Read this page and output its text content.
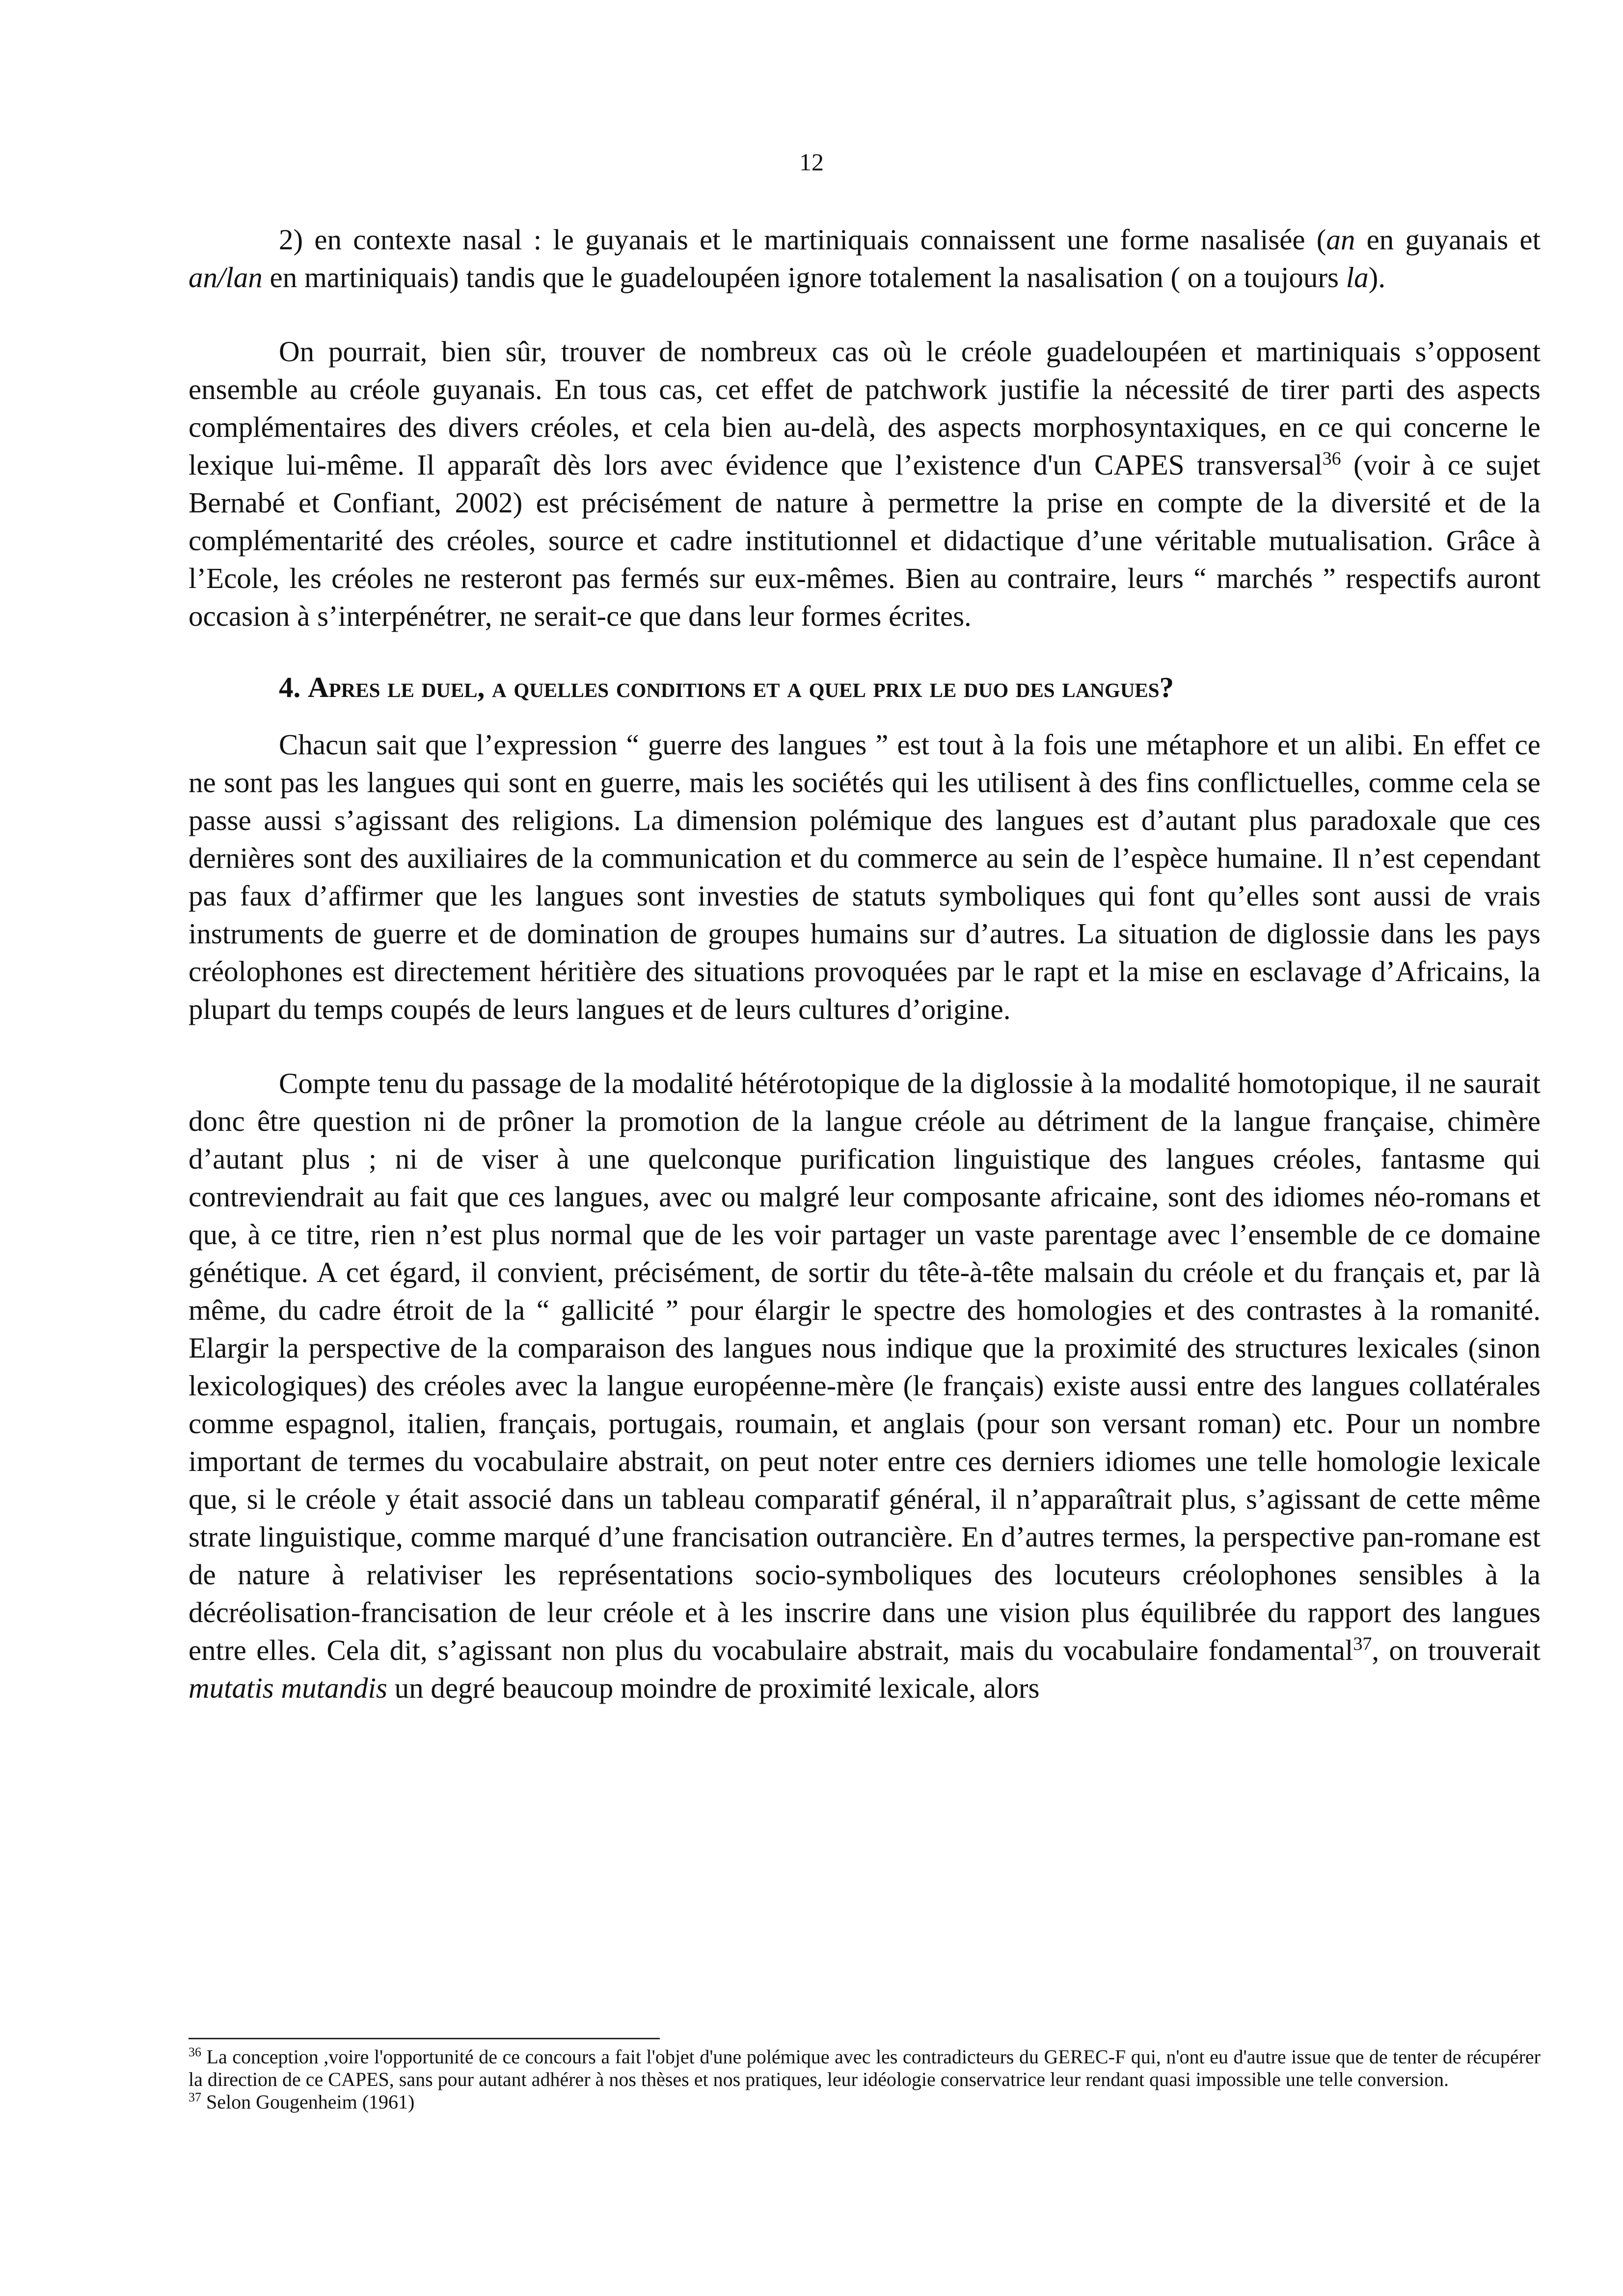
12

2) en contexte nasal : le guyanais et le martiniquais connaissent une forme nasalisée (an en guyanais et an/lan en martiniquais) tandis que le guadeloupéen ignore totalement la nasalisation ( on a toujours la).

On pourrait, bien sûr, trouver de nombreux cas où le créole guadeloupéen et martiniquais s’opposent ensemble au créole guyanais. En tous cas, cet effet de patchwork justifie la nécessité de tirer parti des aspects complémentaires des divers créoles, et cela bien au-delà, des aspects morphosyntaxiques, en ce qui concerne le lexique lui-même. Il apparaît dès lors avec évidence que l’existence d'un CAPES transversal$^{36}$ (voir à ce sujet Bernabé et Confiant, 2002) est précisément de nature à permettre la prise en compte de la diversité et de la complémentarité des créoles, source et cadre institutionnel et didactique d’une véritable mutualisation. Grâce à l’Ecole, les créoles ne resteront pas fermés sur eux-mêmes. Bien au contraire, leurs “ marchés ” respectifs auront occasion à s’interpénétrer, ne serait-ce que dans leur formes écrites.

4. Apres le duel, a quelles conditions et a quel prix le duo des langues?

Chacun sait que l’expression “ guerre des langues ” est tout à la fois une métaphore et un alibi. En effet ce ne sont pas les langues qui sont en guerre, mais les sociétés qui les utilisent à des fins conflictuelles, comme cela se passe aussi s’agissant des religions. La dimension polémique des langues est d’autant plus paradoxale que ces dernières sont des auxiliaires de la communication et du commerce au sein de l’espèce humaine. Il n’est cependant pas faux d’affirmer que les langues sont investies de statuts symboliques qui font qu’elles sont aussi de vrais instruments de guerre et de domination de groupes humains sur d’autres. La situation de diglossie dans les pays créolophones est directement héritière des situations provoquées par le rapt et la mise en esclavage d’Africains, la plupart du temps coupés de leurs langues et de leurs cultures d’origine.

Compte tenu du passage de la modalité hétérotopique de la diglossie à la modalité homotopique, il ne saurait donc être question ni de prôner la promotion de la langue créole au détriment de la langue française, chimère d’autant plus ; ni de viser à une quelconque purification linguistique des langues créoles, fantasme qui contreviendrait au fait que ces langues, avec ou malgré leur composante africaine, sont des idiomes néo-romans et que, à ce titre, rien n’est plus normal que de les voir partager un vaste parentage avec l’ensemble de ce domaine génétique. A cet égard, il convient, précisément, de sortir du tête-à-tête malsain du créole et du français et, par là même, du cadre étroit de la “ gallicité ” pour élargir le spectre des homologies et des contrastes à la romanité. Elargir la perspective de la comparaison des langues nous indique que la proximité des structures lexicales (sinon lexicologiques) des créoles avec la langue européenne-mère (le français) existe aussi entre des langues collatérales comme espagnol, italien, français, portugais, roumain, et anglais (pour son versant roman) etc. Pour un nombre important de termes du vocabulaire abstrait, on peut noter entre ces derniers idiomes une telle homologie lexicale que, si le créole y était associé dans un tableau comparatif général, il n’apparaîtrait plus, s’agissant de cette même strate linguistique, comme marqué d’une francisation outrancière. En d’autres termes, la perspective pan-romane est de nature à relativiser les représentations socio-symboliques des locuteurs créolophones sensibles à la décréolisation-francisation de leur créole et à les inscrire dans une vision plus équilibrée du rapport des langues entre elles. Cela dit, s’agissant non plus du vocabulaire abstrait, mais du vocabulaire fondamental$^{37}$, on trouverait mutatis mutandis un degré beaucoup moindre de proximité lexicale, alors

$^{36}$ La conception ,voire l'opportunité de ce concours a fait l'objet d'une polémique avec les contradicteurs du GEREC-F qui, n'ont eu d'autre issue que de tenter de récupérer la direction de ce CAPES, sans pour autant adhérer à nos thèses et nos pratiques, leur idéologie conservatrice leur rendant quasi impossible une telle conversion.

$^{37}$ Selon Gougenheim (1961)
